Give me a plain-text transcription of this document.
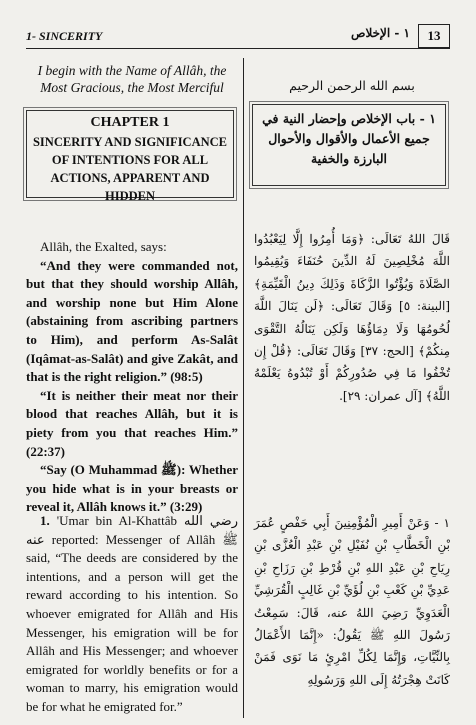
1- SINCERITY	١ - الإخلاص	13
I begin with the Name of Allâh, the Most Gracious, the Most Merciful
CHAPTER 1
SINCERITY AND SIGNIFICANCE OF INTENTIONS FOR ALL ACTIONS, APPARENT AND HIDDEN
Allâh, the Exalted, says:
“And they were commanded not, but that they should worship Allâh, and worship none but Him Alone (abstaining from ascribing partners to Him), and perform As-Salât (Iqâmat-as-Salât) and give Zakât, and that is the right religion.” (98:5)
“It is neither their meat nor their blood that reaches Allâh, but it is piety from you that reaches Him.” (22:37)
“Say (O Muhammad ﷺ): Whether you hide what is in your breasts or reveal it, Allâh knows it.” (3:29)
1. 'Umar bin Al-Khattâb رضي الله عنه reported: Messenger of Allâh ﷺ said, “The deeds are considered by the intentions, and a person will get the reward according to his intention. So whoever emigrated for Allâh and His Messenger, his emigration will be for Allâh and His Messenger; and whoever emigrated for worldly benefits or for a woman to marry, his emigration would be for what he emigrated for.”
بسم الله الرحمن الرحيم
١ - باب الإخلاص وإحضار النية في جميع الأعمال والأقوال والأحوال البارزة والخفية

قَالَ اللهُ تَعَالَى: ﴿وَمَا أُمِرُوا إِلَّا لِيَعْبُدُوا اللَّهَ مُخْلِصِينَ لَهُ الدِّينَ حُنَفَاءَ وَيُقِيمُوا الصَّلَاةَ وَيُؤْتُوا الزَّكَاةَ وَذَلِكَ دِينُ الْقَيِّمَةِ﴾ [البينة: ٥] وَقَالَ تَعَالَى: ﴿لَن يَنَالَ اللَّهَ لُحُومُهَا وَلَا دِمَاؤُهَا وَلَكِن يَنَالُهُ التَّقْوَى مِنكُمْ﴾ [الحج: ٣٧] وَقَالَ تَعَالَى: ﴿قُلْ إِن تُخْفُوا مَا فِي صُدُورِكُمْ أَوْ تُبْدُوهُ يَعْلَمْهُ اللَّهُ﴾ [آل عمران: ٢٩].

١ - وَعَنْ أَمِيرِ الْمُؤْمِنِينَ أَبِي حَفْصٍ عُمَرَ بْنِ الْخَطَّابِ بْنِ نُفَيْلِ بْنِ عَبْدِ الْعُزَّى بْنِ رِيَاحِ بْنِ عَبْدِ اللهِ بْنِ قُرْطِ بْنِ رَزَاحِ بْنِ عَدِيِّ بْنِ كَعْبِ بْنِ لُؤَيِّ بْنِ غَالِبٍ الْقُرَشِيِّ الْعَدَوِيِّ رَضِيَ اللهُ عنه، قَالَ: سَمِعْتُ رَسُولَ اللهِ ﷺ يَقُولُ: «إِنَّمَا الأَعْمَالُ بِالنِّيَّاتِ، وَإِنَّمَا لِكُلِّ امْرِئٍ مَا نَوَى فَمَنْ كَانَتْ هِجْرَتُهُ إِلَى اللهِ وَرَسُولِهِ
